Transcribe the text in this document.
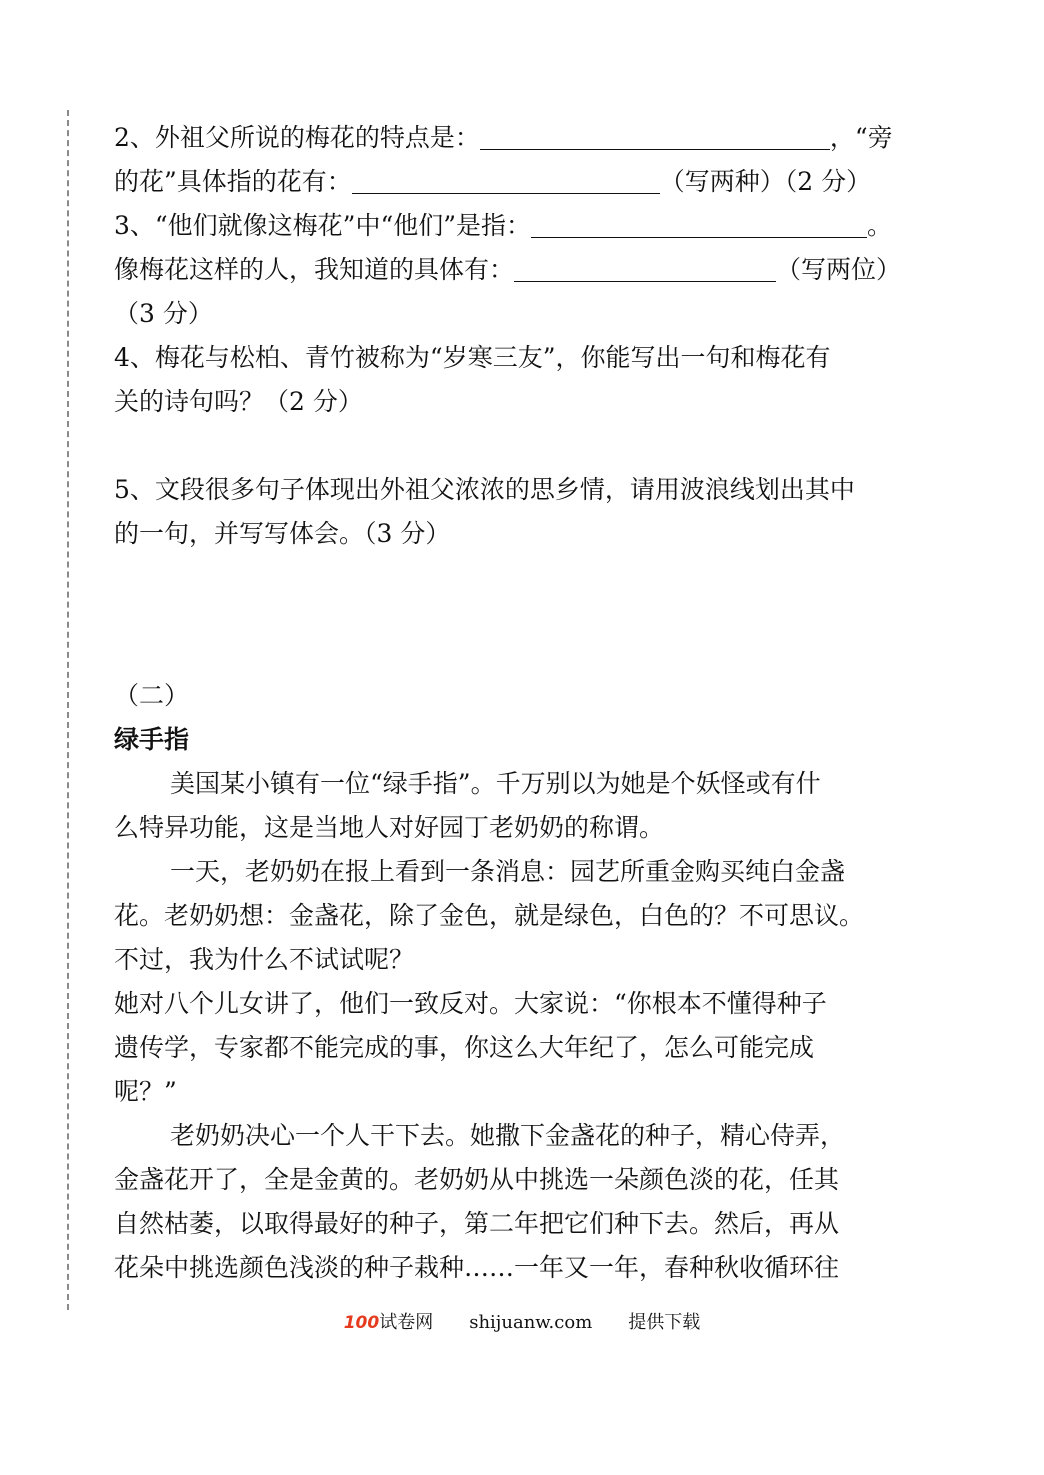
2、外祖父所说的梅花的特点是：	，“旁
的花”具体指的花有：	（写两种）（2 分）
3、“他们就像这梅花”中“他们”是指：	。
像梅花这样的人，我知道的具体有：	（写两位）
（3 分）
4、梅花与松柏、青竹被称为“岁寒三友”，你能写出一句和梅花有
关的诗句吗？（2 分）
5、文段很多句子体现出外祖父浓浓的思乡情，请用波浪线划出其中
的一句，并写写体会。（3 分）
（二）
绿手指
美国某小镇有一位“绿手指”。千万别以为她是个妖怪或有什
么特异功能，这是当地人对好园丁老奶奶的称谓。
一天，老奶奶在报上看到一条消息：园艺所重金购买纯白金盏
花。老奶奶想：金盏花，除了金色，就是绿色，白色的？不可思议。
不过，我为什么不试试呢？
她对八个儿女讲了，他们一致反对。大家说：“你根本不懂得种子
遗传学，专家都不能完成的事，你这么大年纪了，怎么可能完成
呢？”
老奶奶决心一个人干下去。她撒下金盏花的种子，精心侍弄，
金盏花开了，全是金黄的。老奶奶从中挑选一朵颜色淡的花，任其
自然枯萎，以取得最好的种子，第二年把它们种下去。然后，再从
花朵中挑选颜色浅淡的种子栽种……一年又一年，春种秋收循环往
100试卷网 shijuanw.com 提供下载
